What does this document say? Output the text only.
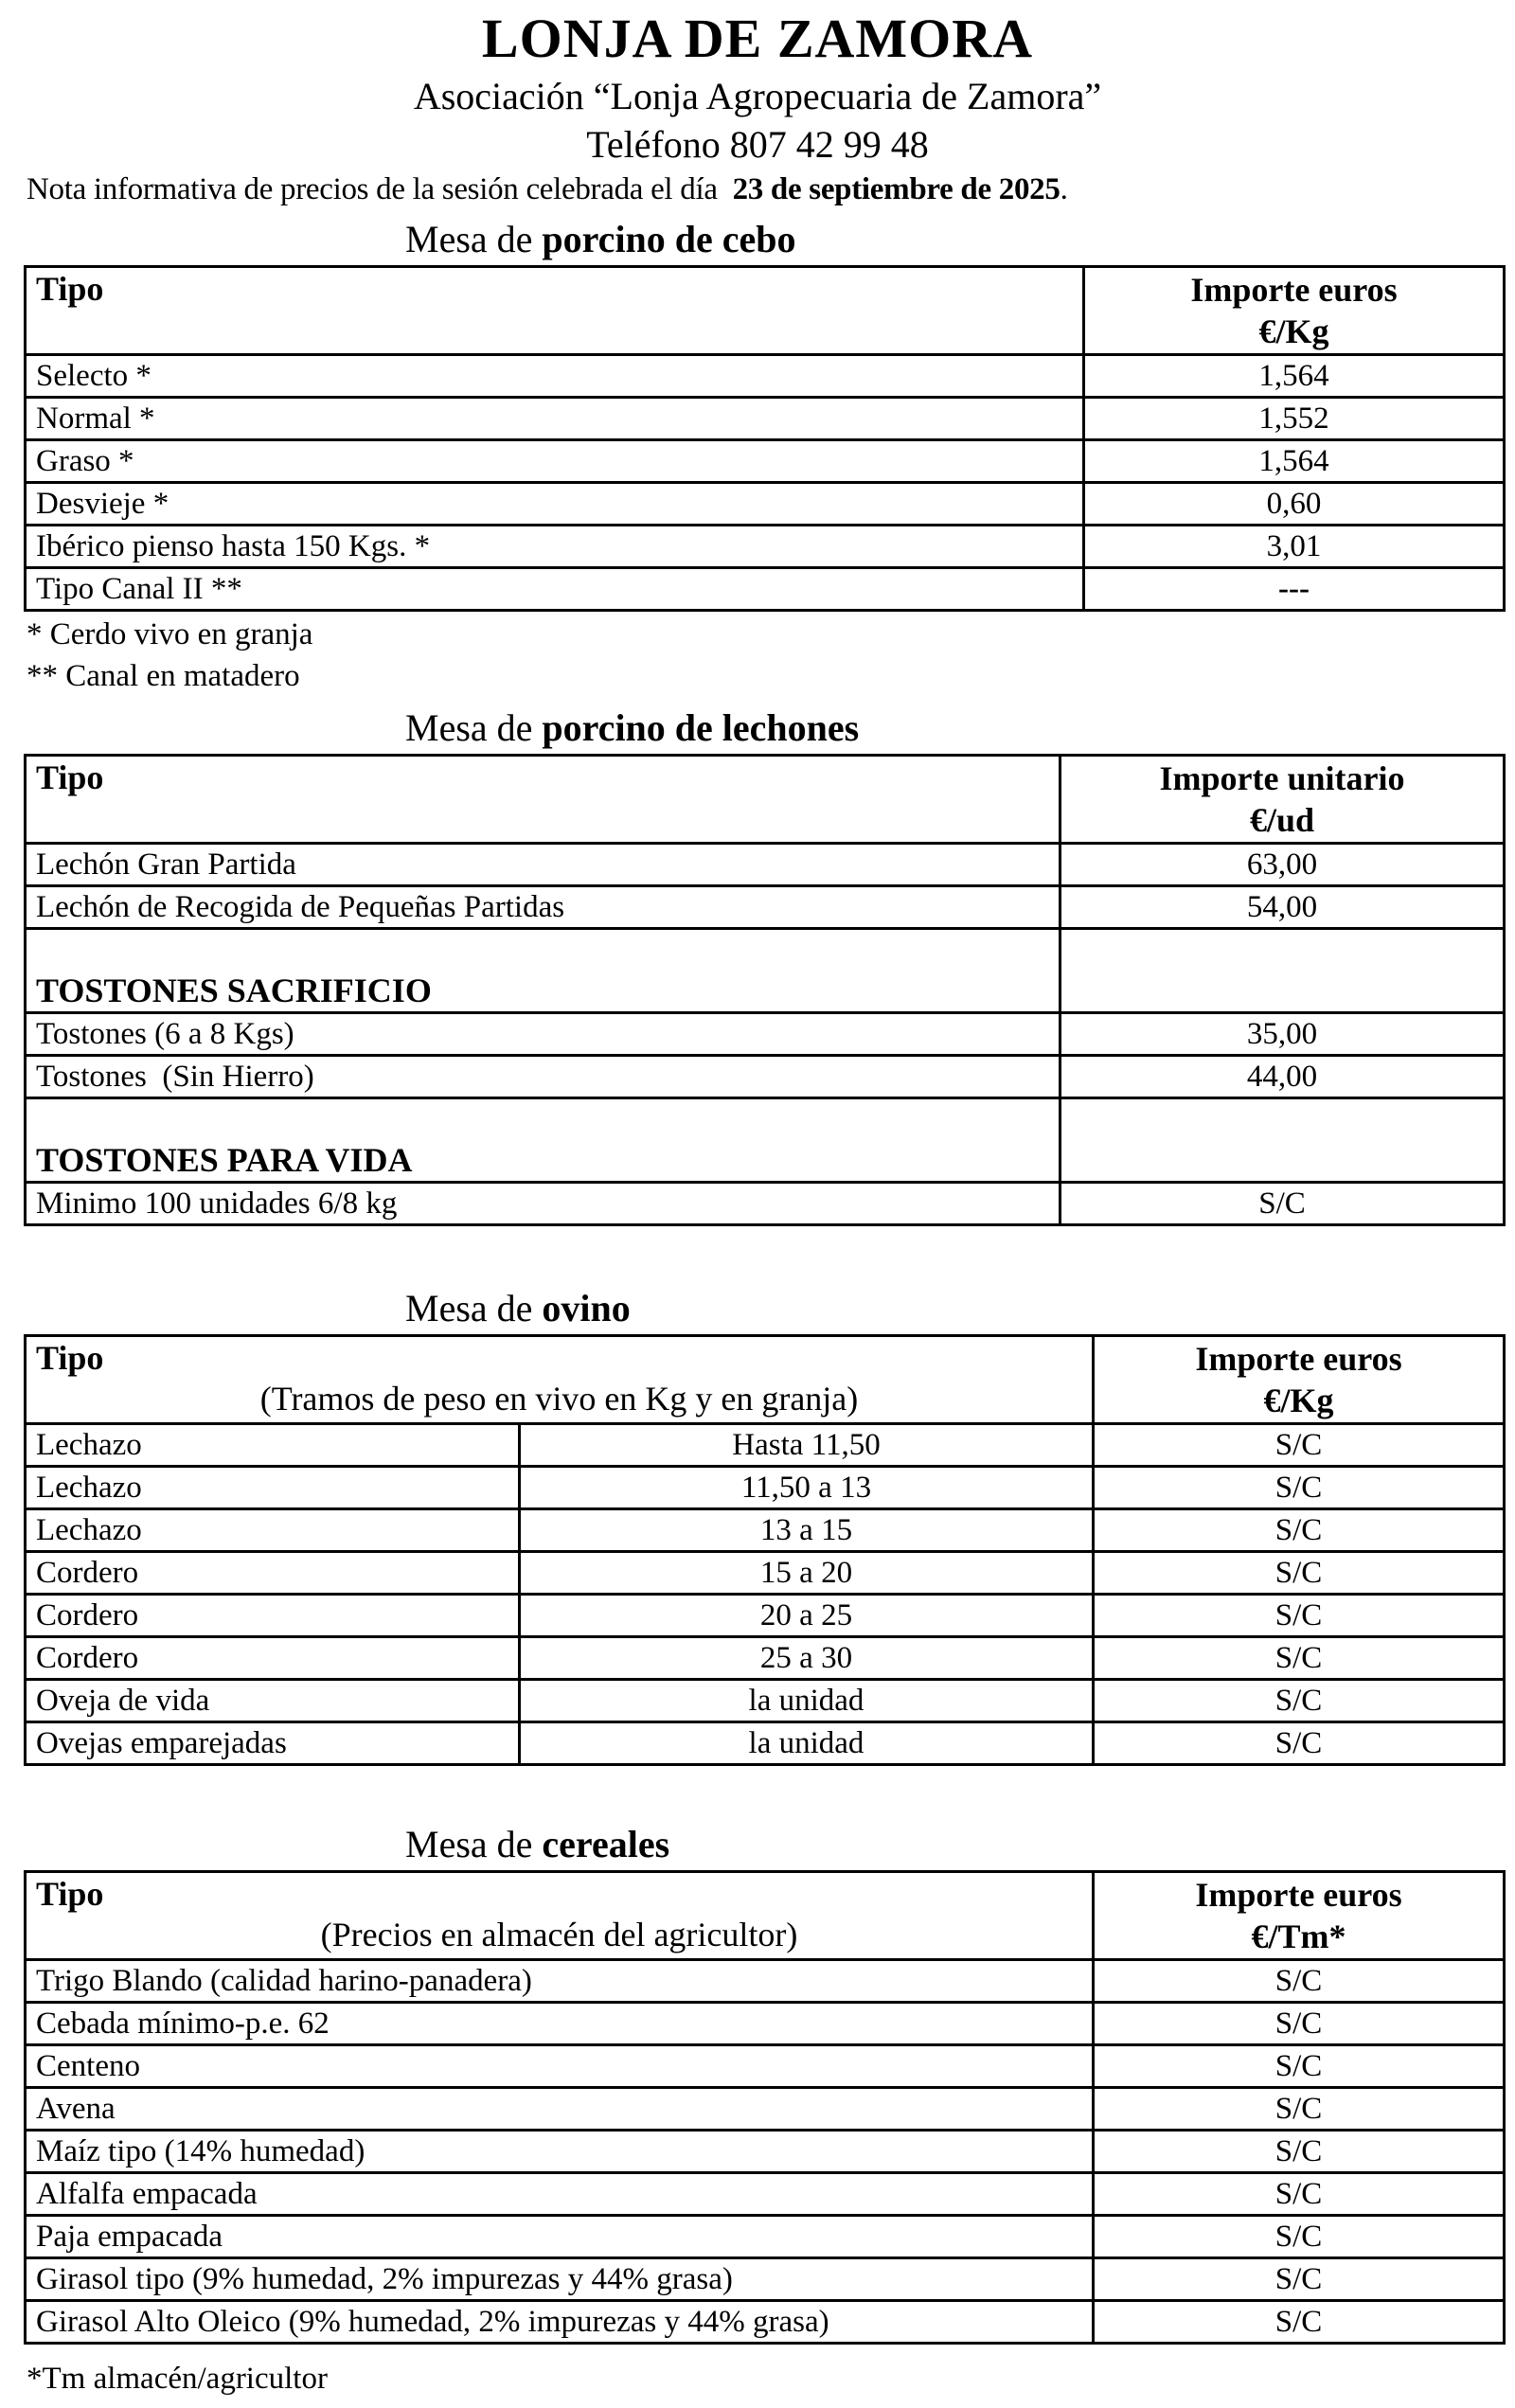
LONJA DE ZAMORA
Asociación “Lonja Agropecuaria de Zamora”
Teléfono 807 42 99 48
Nota informativa de precios de la sesión celebrada el día  23 de septiembre de 2025.
Mesa de porcino de cebo
Tipo	Importe euros
€/Kg

Selecto *	1,564
Normal *	1,552
Graso *	1,564
Desvieje *	0,60
Ibérico pienso hasta 150 Kgs. *	3,01
Tipo Canal II **	---
* Cerdo vivo en granja
** Canal en matadero
Mesa de porcino de lechones
Tipo	Importe unitario
€/ud

Lechón Gran Partida	63,00
Lechón de Recogida de Pequeñas Partidas	54,00
TOSTONES SACRIFICIO	
Tostones (6 a 8 Kgs)	35,00
Tostones  (Sin Hierro)	44,00
TOSTONES PARA VIDA	
Minimo 100 unidades 6/8 kg	S/C
Mesa de ovino
Tipo
(Tramos de peso en vivo en Kg y en granja)

Importe euros
€/Kg

Lechazo	Hasta 11,50	S/C
Lechazo	11,50 a 13	S/C
Lechazo	13 a 15	S/C
Cordero	15 a 20	S/C
Cordero	20 a 25	S/C
Cordero	25 a 30	S/C
Oveja de vida	la unidad	S/C
Ovejas emparejadas	la unidad	S/C
Mesa de cereales
Tipo
(Precios en almacén del agricultor)

Importe euros
€/Tm*

Trigo Blando (calidad harino-panadera)	S/C
Cebada mínimo-p.e. 62	S/C
Centeno	S/C
Avena	S/C
Maíz tipo (14% humedad)	S/C
Alfalfa empacada	S/C
Paja empacada	S/C
Girasol tipo (9% humedad, 2% impurezas y 44% grasa)	S/C
Girasol Alto Oleico (9% humedad, 2% impurezas y 44% grasa)	S/C
*Tm almacén/agricultor
